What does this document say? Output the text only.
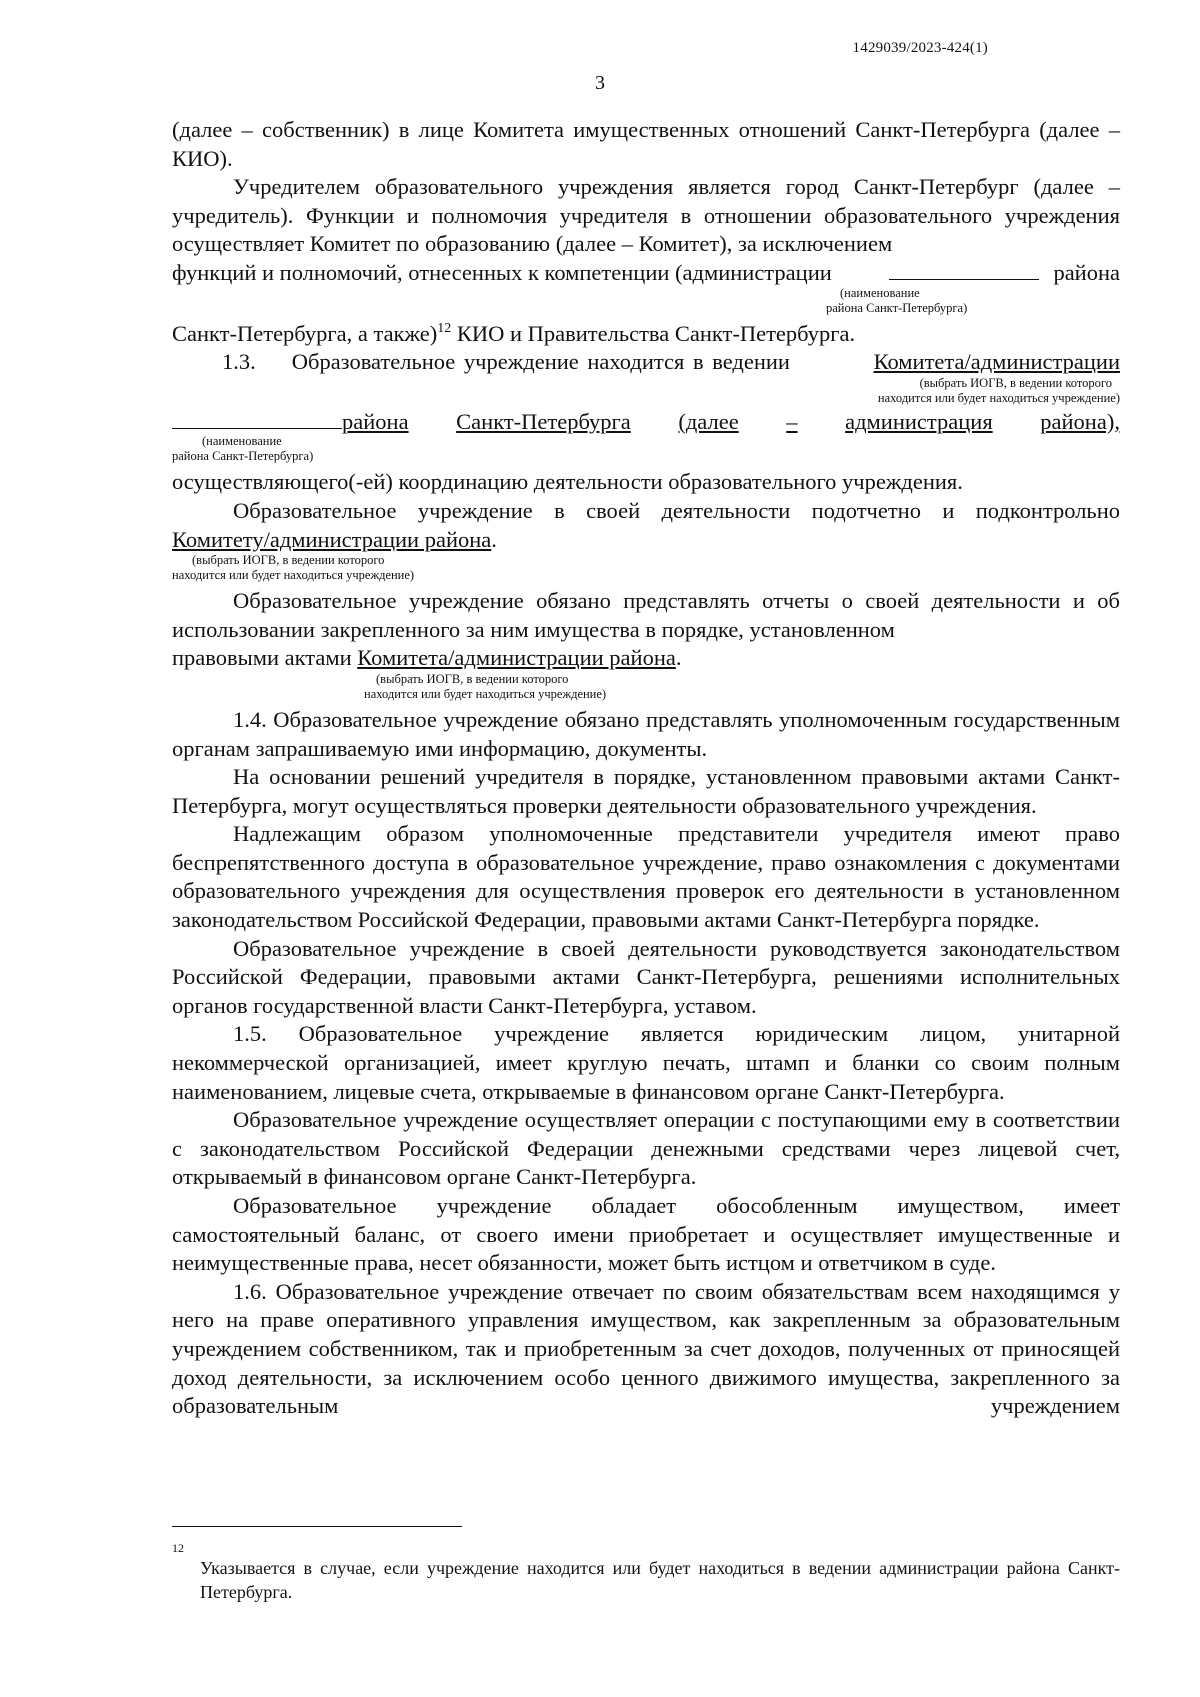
1429039/2023-424(1)
3

(далее – собственник) в лице Комитета имущественных отношений Санкт-Петербурга (далее – КИО).

Учредителем образовательного учреждения является город Санкт-Петербург (далее – учредитель). Функции и полномочия учредителя в отношении образовательного учреждения осуществляет Комитет по образованию (далее – Комитет), за исключением

функций и полномочий, отнесенных к компетенции (администрации	района

(наименование
района Санкт-Петербурга)

Санкт-Петербурга, а также)$^{12}$ КИО и Правительства Санкт-Петербурга.

1.3. Образовательное учреждение находится в ведении	Комитета/администрации

(выбрать ИОГВ, в ведении которого
находится или будет находиться учреждение)

района Санкт-Петербурга (далее – администрация района),

(наименование
района Санкт-Петербурга)

осуществляющего(-ей) координацию деятельности образовательного учреждения.

Образовательное учреждение в своей деятельности подотчетно и подконтрольно

Комитету/администрации района.

(выбрать ИОГВ, в ведении которого
находится или будет находиться учреждение)

Образовательное учреждение обязано представлять отчеты о своей деятельности и об использовании закрепленного за ним имущества в порядке, установленном

правовыми актами Комитета/администрации района.

(выбрать ИОГВ, в ведении которого
находится или будет находиться учреждение)

1.4. Образовательное учреждение обязано представлять уполномоченным государственным органам запрашиваемую ими информацию, документы.

На основании решений учредителя в порядке, установленном правовыми актами Санкт-Петербурга, могут осуществляться проверки деятельности образовательного учреждения.

Надлежащим образом уполномоченные представители учредителя имеют право беспрепятственного доступа в образовательное учреждение, право ознакомления с документами образовательного учреждения для осуществления проверок его деятельности в установленном законодательством Российской Федерации, правовыми актами Санкт-Петербурга порядке.

Образовательное учреждение в своей деятельности руководствуется законодательством Российской Федерации, правовыми актами Санкт-Петербурга, решениями исполнительных органов государственной власти Санкт-Петербурга, уставом.

1.5. Образовательное учреждение является юридическим лицом, унитарной некоммерческой организацией, имеет круглую печать, штамп и бланки со своим полным наименованием, лицевые счета, открываемые в финансовом органе Санкт-Петербурга.

Образовательное учреждение осуществляет операции с поступающими ему в соответствии с законодательством Российской Федерации денежными средствами через лицевой счет, открываемый в финансовом органе Санкт-Петербурга.

Образовательное учреждение обладает обособленным имуществом, имеет самостоятельный баланс, от своего имени приобретает и осуществляет имущественные и неимущественные права, несет обязанности, может быть истцом и ответчиком в суде.

1.6. Образовательное учреждение отвечает по своим обязательствам всем находящимся у него на праве оперативного управления имуществом, как закрепленным за образовательным учреждением собственником, так и приобретенным за счет доходов, полученных от приносящей доход деятельности, за исключением особо ценного движимого имущества, закрепленного за образовательным учреждением

12

Указывается в случае, если учреждение находится или будет находиться в ведении администрации района Санкт-Петербурга.
